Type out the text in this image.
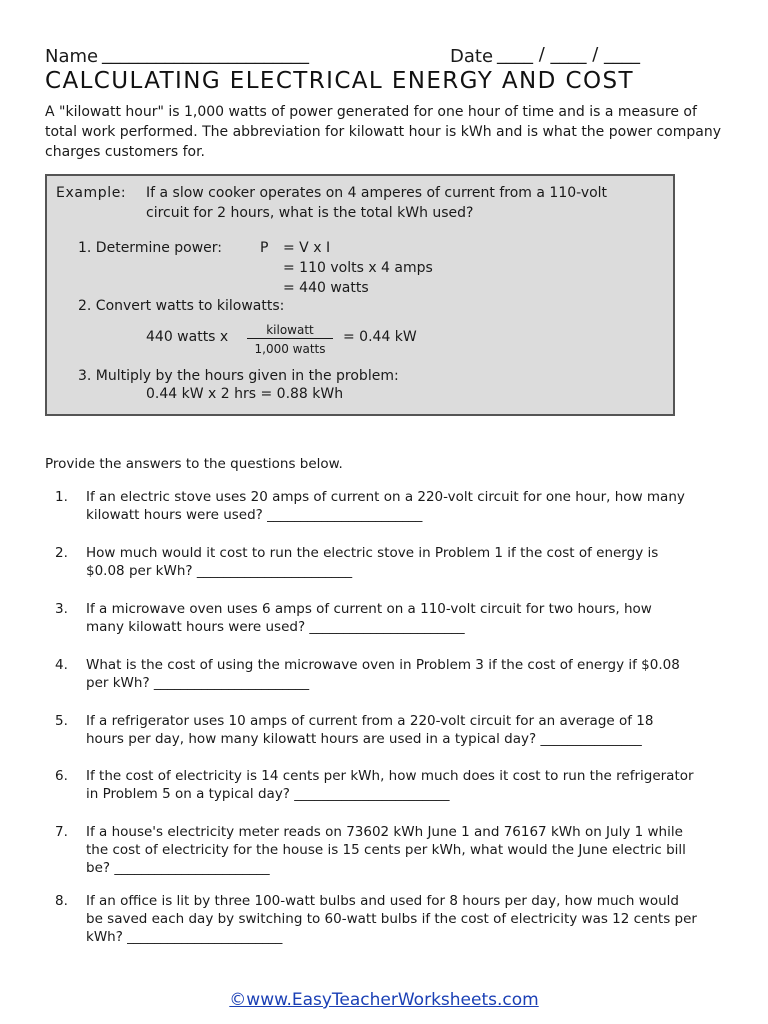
Name _______________________	Date ____ / ____ / ____
CALCULATING ELECTRICAL ENERGY AND COST

A "kilowatt hour" is 1,000 watts of power generated for one hour of time and is a measure of

total work performed. The abbreviation for kilowatt hour is kWh and is what the power company

charges customers for.

Example: If a slow cooker operates on 4 amperes of current from a 110-volt
circuit for 2 hours, what is the total kWh used?
1. Determine power:	P = V x I
= 110 volts x 4 amps
= 440 watts
2. Convert watts to kilowatts:
440 watts x	kilowatt
1,000 watts
= 0.44 kW
3. Multiply by the hours given in the problem:
0.44 kW x 2 hrs = 0.88 kWh
Provide the answers to the questions below.
1. If an electric stove uses 20 amps of current on a 220-volt circuit for one hour, how many

kilowatt hours were used? _______________________

2. How much would it cost to run the electric stove in Problem 1 if the cost of energy is

$0.08 per kWh? _______________________

3. If a microwave oven uses 6 amps of current on a 110-volt circuit for two hours, how

many kilowatt hours were used? _______________________

4. What is the cost of using the microwave oven in Problem 3 if the cost of energy if $0.08

per kWh? _______________________

5. If a refrigerator uses 10 amps of current from a 220-volt circuit for an average of 18

hours per day, how many kilowatt hours are used in a typical day? _______________

6. If the cost of electricity is 14 cents per kWh, how much does it cost to run the refrigerator

in Problem 5 on a typical day? _______________________

7. If a house's electricity meter reads on 73602 kWh June 1 and 76167 kWh on July 1 while

the cost of electricity for the house is 15 cents per kWh, what would the June electric bill

be? _______________________

8. If an office is lit by three 100-watt bulbs and used for 8 hours per day, how much would

be saved each day by switching to 60-watt bulbs if the cost of electricity was 12 cents per

kWh? _______________________

©www.EasyTeacherWorksheets.com
